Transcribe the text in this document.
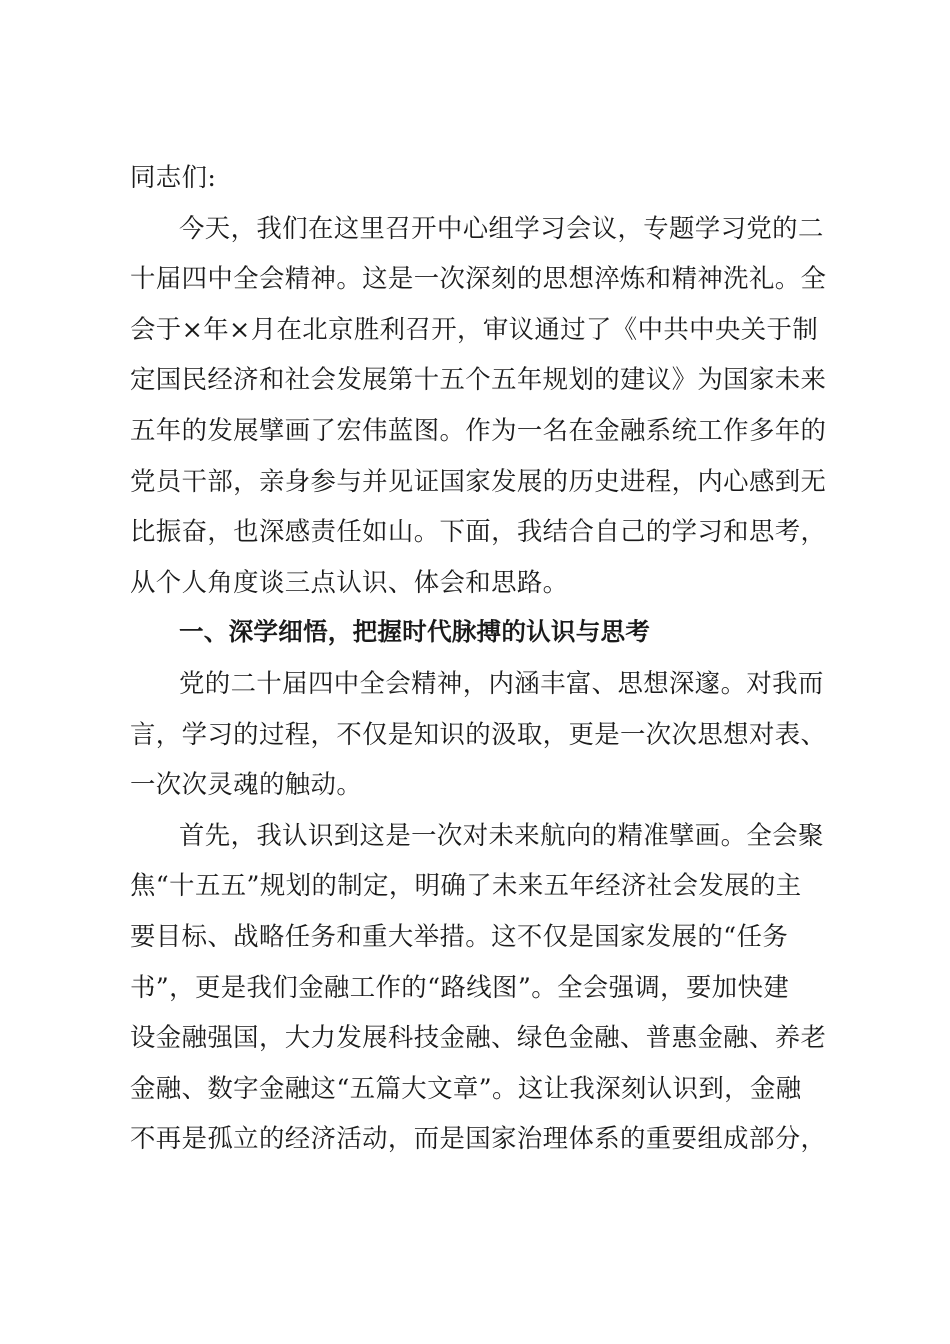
同志们:
今天，我们在这里召开中心组学习会议，专题学习党的二
十届四中全会精神。这是一次深刻的思想淬炼和精神洗礼。全
会于×年×月在北京胜利召开，审议通过了《中共中央关于制
定国民经济和社会发展第十五个五年规划的建议》为国家未来
五年的发展擘画了宏伟蓝图。作为一名在金融系统工作多年的
党员干部，亲身参与并见证国家发展的历史进程，内心感到无
比振奋，也深感责任如山。下面，我结合自己的学习和思考，
从个人角度谈三点认识、体会和思路。
一、深学细悟，把握时代脉搏的认识与思考
党的二十届四中全会精神，内涵丰富、思想深邃。对我而
言，学习的过程，不仅是知识的汲取，更是一次次思想对表、
一次次灵魂的触动。
首先，我认识到这是一次对未来航向的精准擘画。全会聚
焦“十五五”规划的制定，明确了未来五年经济社会发展的主
要目标、战略任务和重大举措。这不仅是国家发展的“任务
书”，更是我们金融工作的“路线图”。全会强调，要加快建
设金融强国，大力发展科技金融、绿色金融、普惠金融、养老
金融、数字金融这“五篇大文章”。这让我深刻认识到，金融
不再是孤立的经济活动，而是国家治理体系的重要组成部分，
